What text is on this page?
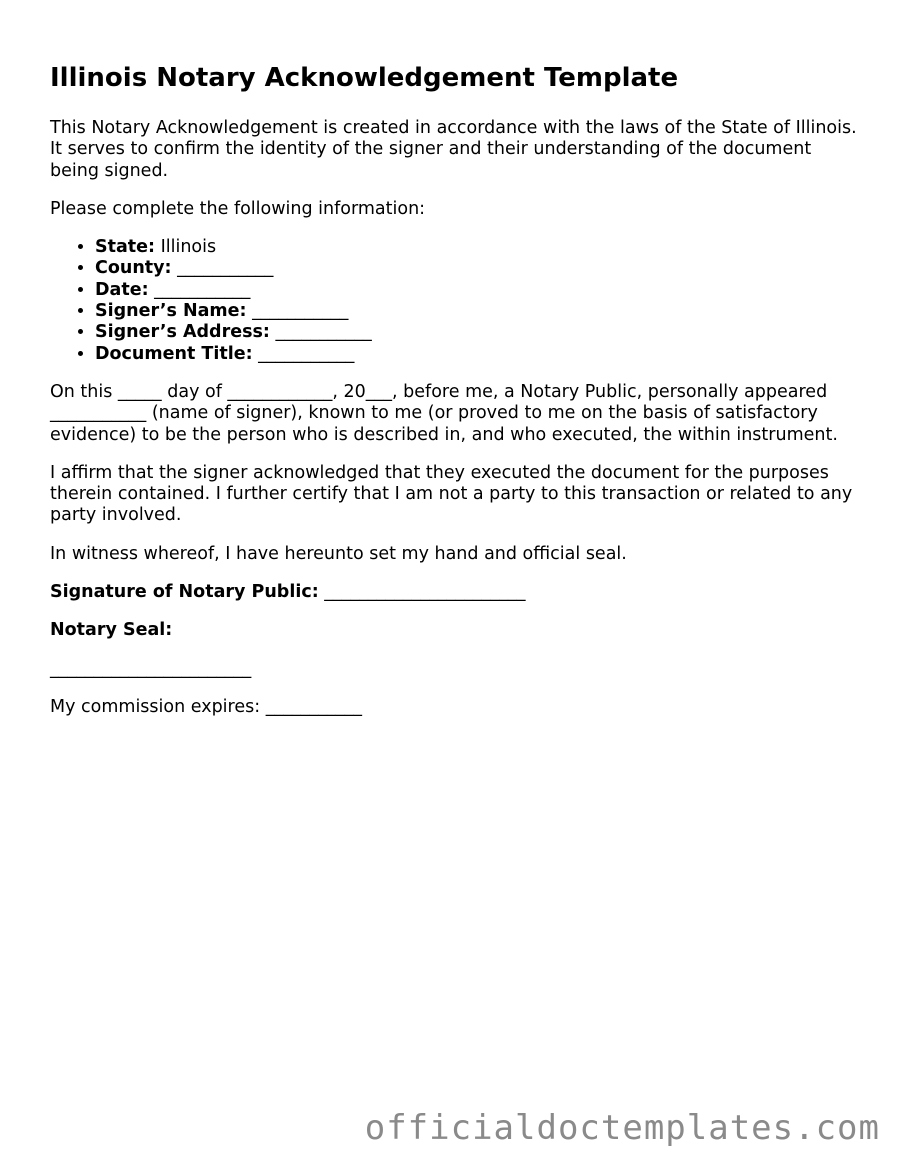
Illinois Notary Acknowledgement Template

This Notary Acknowledgement is created in accordance with the laws of the State of Illinois. It serves to confirm the identity of the signer and their understanding of the document being signed.

Please complete the following information:

• State: Illinois
• County: ___________
• Date: ___________
• Signer’s Name: ___________
• Signer’s Address: ___________
• Document Title: ___________

On this _____ day of ____________, 20___, before me, a Notary Public, personally appeared ___________ (name of signer), known to me (or proved to me on the basis of satisfactory evidence) to be the person who is described in, and who executed, the within instrument.

I affirm that the signer acknowledged that they executed the document for the purposes therein contained. I further certify that I am not a party to this transaction or related to any party involved.

In witness whereof, I have hereunto set my hand and official seal.

Signature of Notary Public: _______________________

Notary Seal:

_______________________

My commission expires: ___________

officialdoctemplates.com
